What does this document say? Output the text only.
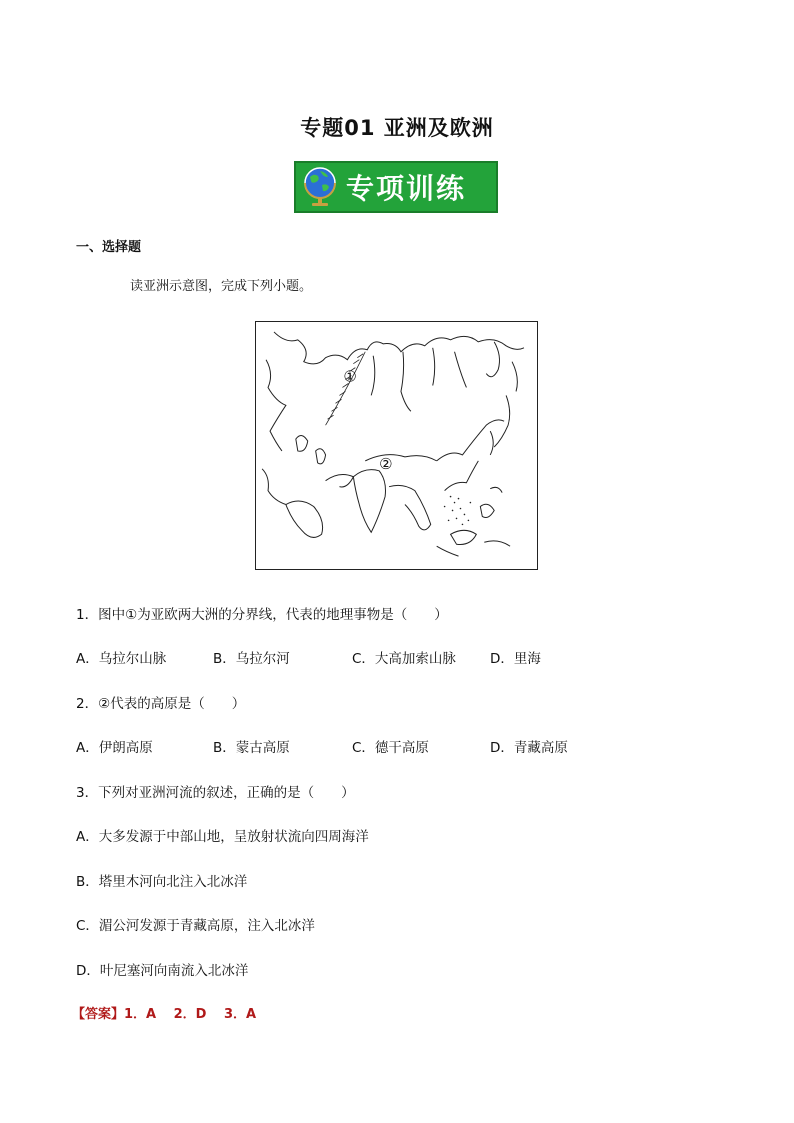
专题01 亚洲及欧洲
专项训练
一、选择题
读亚洲示意图，完成下列小题。
①
②
1．图中①为亚欧两大洲的分界线，代表的地理事物是（　　）
A．乌拉尔山脉	B．乌拉尔河	C．大高加索山脉	D．里海
2．②代表的高原是（　　）
A．伊朗高原	B．蒙古高原	C．德干高原	D．青藏高原
3．下列对亚洲河流的叙述，正确的是（　　）
A．大多发源于中部山地，呈放射状流向四周海洋
B．塔里木河向北注入北冰洋
C．湄公河发源于青藏高原，注入北冰洋
D．叶尼塞河向南流入北冰洋
【答案】1．A　 2．D　 3．A
